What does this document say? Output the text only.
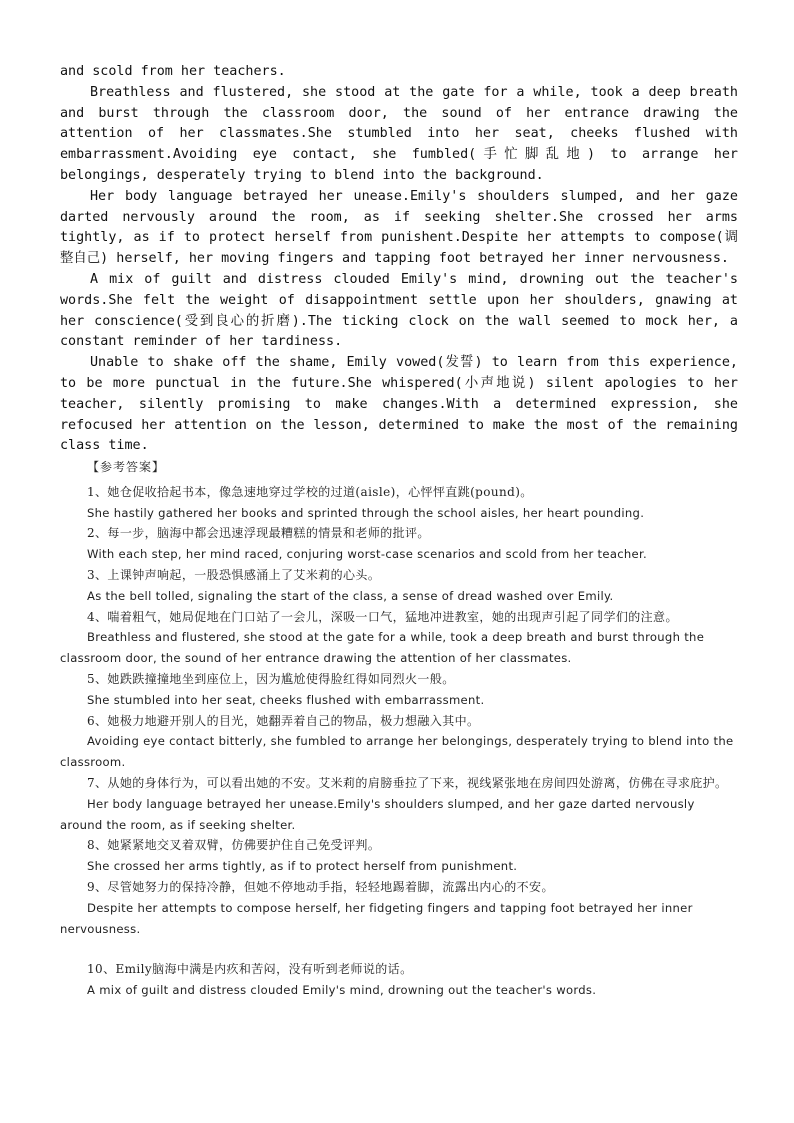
and scold from her teachers.

Breathless and flustered, she stood at the gate for a while, took a deep breath and burst through the classroom door, the sound of her entrance drawing the attention of her classmates.She stumbled into her seat, cheeks flushed with embarrassment.Avoiding eye contact, she fumbled(手忙脚乱地) to arrange her belongings, desperately trying to blend into the background.

Her body language betrayed her unease.Emily's shoulders slumped, and her gaze darted nervously around the room, as if seeking shelter.She crossed her arms tightly, as if to protect herself from punishent.Despite her attempts to compose(调整自己) herself, her moving fingers and tapping foot betrayed her inner nervousness.

A mix of guilt and distress clouded Emily's mind, drowning out the teacher's words.She felt the weight of disappointment settle upon her shoulders, gnawing at her conscience(受到良心的折磨).The ticking clock on the wall seemed to mock her, a constant reminder of her tardiness.

Unable to shake off the shame, Emily vowed(发誓) to learn from this experience, to be more punctual in the future.She whispered(小声地说) silent apologies to her teacher, silently promising to make changes.With a determined expression, she refocused her attention on the lesson, determined to make the most of the remaining class time.

【参考答案】

1、她仓促收拾起书本，像急速地穿过学校的过道(aisle)，心怦怦直跳(pound)。

She hastily gathered her books and sprinted through the school aisles, her heart pounding.

2、每一步，脑海中都会迅速浮现最糟糕的情景和老师的批评。

With each step, her mind raced, conjuring worst-case scenarios and scold from her teacher.

3、上课钟声响起，一股恐惧感涌上了艾米莉的心头。

As the bell tolled, signaling the start of the class, a sense of dread washed over Emily.

4、喘着粗气，她局促地在门口站了一会儿，深吸一口气，猛地冲进教室，她的出现声引起了同学们的注意。

Breathless and flustered, she stood at the gate for a while, took a deep breath and burst through the classroom door, the sound of her entrance drawing the attention of her classmates.

5、她跌跌撞撞地坐到座位上，因为尴尬使得脸红得如同烈火一般。

She stumbled into her seat, cheeks flushed with embarrassment.

6、她极力地避开别人的目光，她翻弄着自己的物品，极力想融入其中。

Avoiding eye contact bitterly, she fumbled to arrange her belongings, desperately trying to blend into the classroom.

7、从她的身体行为，可以看出她的不安。艾米莉的肩膀垂拉了下来，视线紧张地在房间四处游离，仿佛在寻求庇护。

Her body language betrayed her unease.Emily's shoulders slumped, and her gaze darted nervously around the room, as if seeking shelter.

8、她紧紧地交叉着双臂，仿佛要护住自己免受评判。

She crossed her arms tightly, as if to protect herself from punishment.

9、尽管她努力的保持冷静，但她不停地动手指，轻轻地踢着脚，流露出内心的不安。

Despite her attempts to compose herself, her fidgeting fingers and tapping foot betrayed her inner nervousness.

10、Emily脑海中满是内疚和苦闷，没有听到老师说的话。

A mix of guilt and distress clouded Emily's mind, drowning out the teacher's words.
